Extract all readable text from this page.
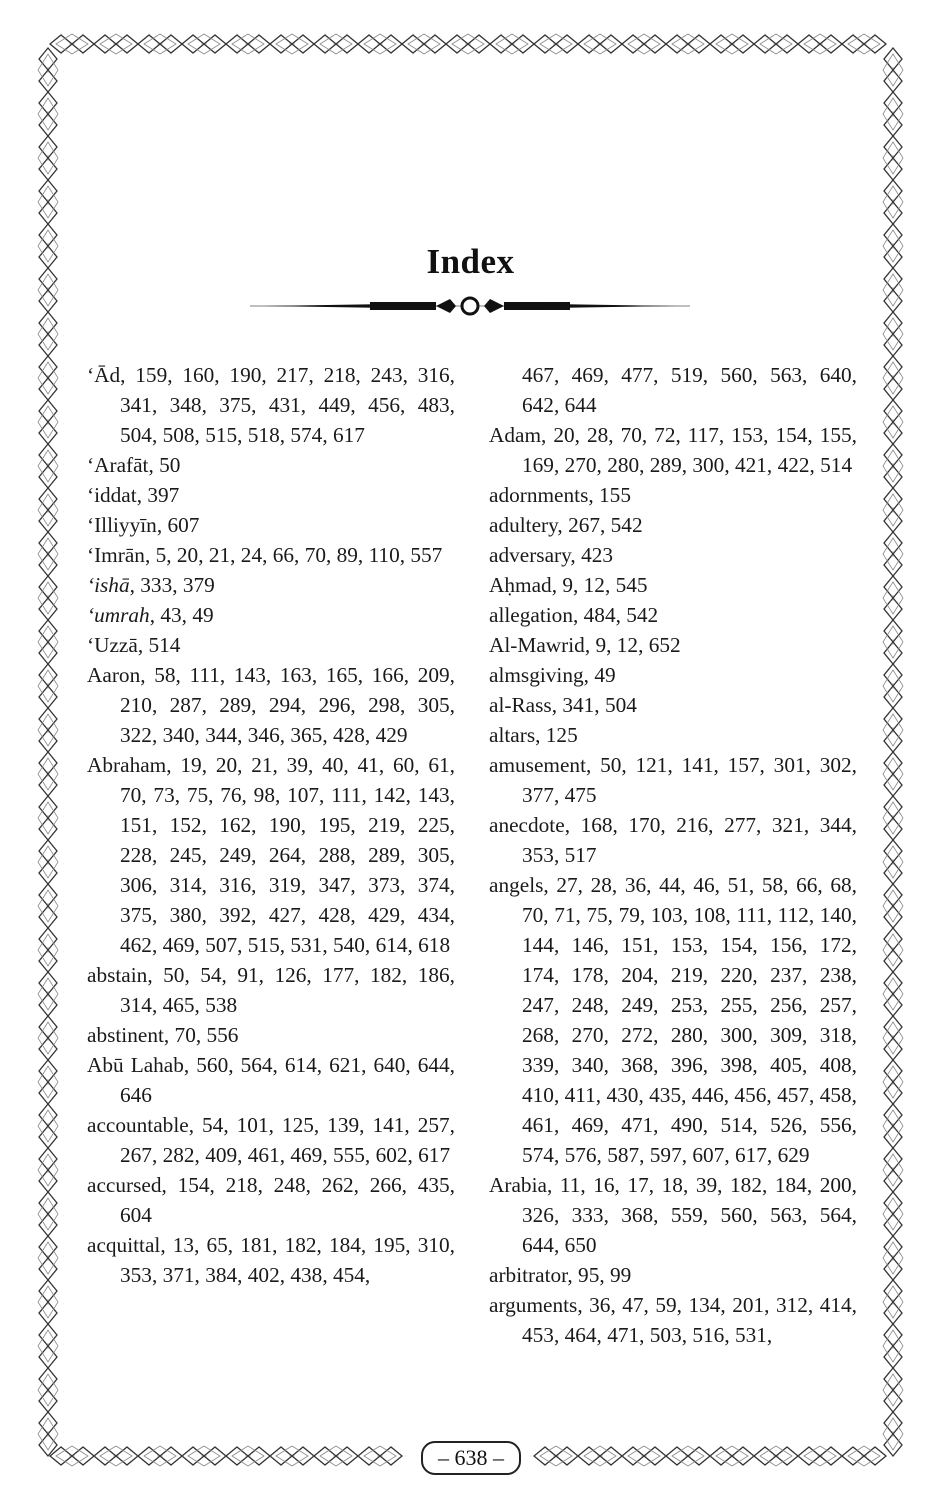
Index

‘Ād, 159, 160, 190, 217, 218, 243, 316, 341, 348, 375, 431, 449, 456, 483, 504, 508, 515, 518, 574, 617

‘Arafāt, 50

‘iddat, 397

‘Illiyyīn, 607

‘Imrān, 5, 20, 21, 24, 66, 70, 89, 110, 557

‘ishā, 333, 379

‘umrah, 43, 49

‘Uzzā, 514

Aaron, 58, 111, 143, 163, 165, 166, 209, 210, 287, 289, 294, 296, 298, 305, 322, 340, 344, 346, 365, 428, 429

Abraham, 19, 20, 21, 39, 40, 41, 60, 61, 70, 73, 75, 76, 98, 107, 111, 142, 143, 151, 152, 162, 190, 195, 219, 225, 228, 245, 249, 264, 288, 289, 305, 306, 314, 316, 319, 347, 373, 374, 375, 380, 392, 427, 428, 429, 434, 462, 469, 507, 515, 531, 540, 614, 618

abstain, 50, 54, 91, 126, 177, 182, 186, 314, 465, 538

abstinent, 70, 556

Abū Lahab, 560, 564, 614, 621, 640, 644, 646

accountable, 54, 101, 125, 139, 141, 257, 267, 282, 409, 461, 469, 555, 602, 617

accursed, 154, 218, 248, 262, 266, 435, 604

acquittal, 13, 65, 181, 182, 184, 195, 310, 353, 371, 384, 402, 438, 454,

467, 469, 477, 519, 560, 563, 640, 642, 644

Adam, 20, 28, 70, 72, 117, 153, 154, 155, 169, 270, 280, 289, 300, 421, 422, 514

adornments, 155

adultery, 267, 542

adversary, 423

Aḥmad, 9, 12, 545

allegation, 484, 542

Al-Mawrid, 9, 12, 652

almsgiving, 49

al-Rass, 341, 504

altars, 125

amusement, 50, 121, 141, 157, 301, 302, 377, 475

anecdote, 168, 170, 216, 277, 321, 344, 353, 517

angels, 27, 28, 36, 44, 46, 51, 58, 66, 68, 70, 71, 75, 79, 103, 108, 111, 112, 140, 144, 146, 151, 153, 154, 156, 172, 174, 178, 204, 219, 220, 237, 238, 247, 248, 249, 253, 255, 256, 257, 268, 270, 272, 280, 300, 309, 318, 339, 340, 368, 396, 398, 405, 408, 410, 411, 430, 435, 446, 456, 457, 458, 461, 469, 471, 490, 514, 526, 556, 574, 576, 587, 597, 607, 617, 629

Arabia, 11, 16, 17, 18, 39, 182, 184, 200, 326, 333, 368, 559, 560, 563, 564, 644, 650

arbitrator, 95, 99

arguments, 36, 47, 59, 134, 201, 312, 414, 453, 464, 471, 503, 516, 531,

– 638 –
